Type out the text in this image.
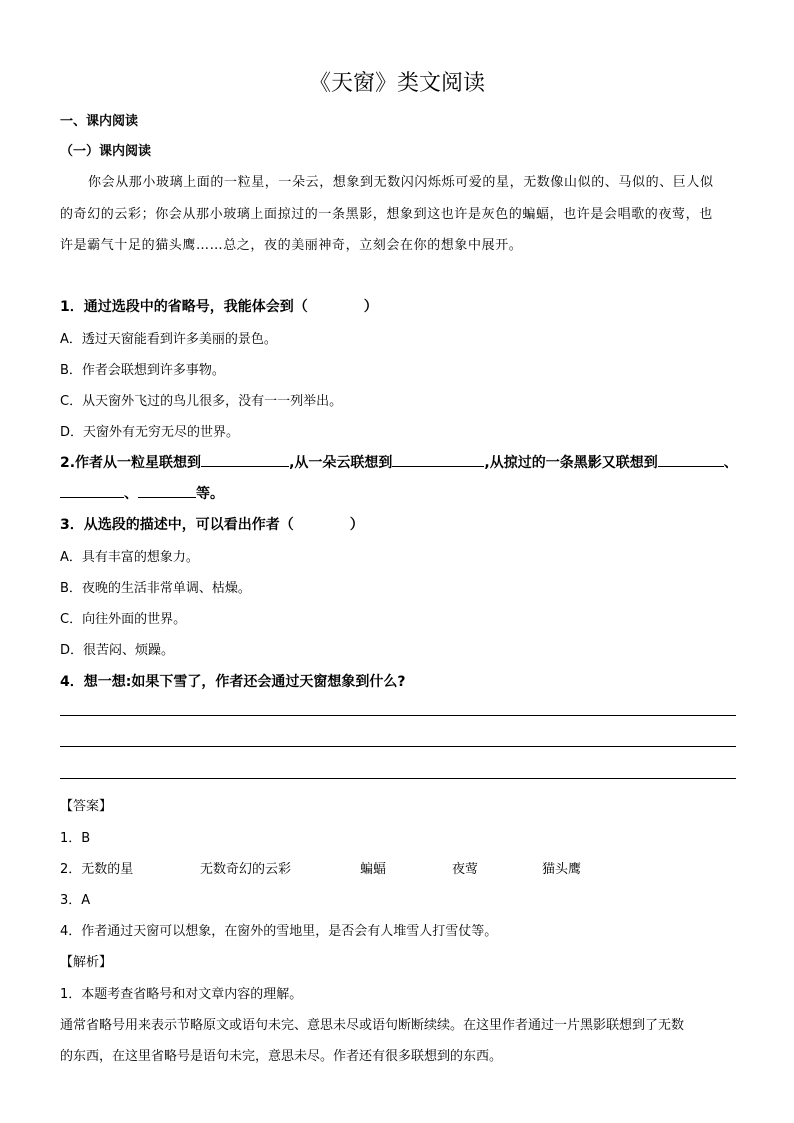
《天窗》类文阅读
一、课内阅读
（一）课内阅读
你会从那小玻璃上面的一粒星，一朵云，想象到无数闪闪烁烁可爱的星，无数像山似的、马似的、巨人似
的奇幻的云彩；你会从那小玻璃上面掠过的一条黑影，想象到这也许是灰色的蝙蝠，也许是会唱歌的夜莺，也
许是霸气十足的猫头鹰……总之，夜的美丽神奇，立刻会在你的想象中展开。
1．通过选段中的省略号，我能体会到（　　　　）
A．透过天窗能看到许多美丽的景色。
B．作者会联想到许多事物。
C．从天窗外飞过的鸟儿很多，没有一一列举出。
D．天窗外有无穷无尽的世界。
2.作者从一粒星联想到	,从一朵云联想到	,从掠过的一条黑影又联想到	、
、	等。
3．从选段的描述中，可以看出作者（　　　　）
A．具有丰富的想象力。
B．夜晚的生活非常单调、枯燥。
C．向往外面的世界。
D．很苦闷、烦躁。
4．想一想:如果下雪了，作者还会通过天窗想象到什么?
【答案】
1．B
2．无数的星	无数奇幻的云彩	蝙蝠	夜莺	猫头鹰
3．A
4．作者通过天窗可以想象，在窗外的雪地里，是否会有人堆雪人打雪仗等。
【解析】
1．本题考查省略号和对文章内容的理解。
通常省略号用来表示节略原文或语句未完、意思未尽或语句断断续续。在这里作者通过一片黑影联想到了无数
的东西，在这里省略号是语句未完，意思未尽。作者还有很多联想到的东西。
